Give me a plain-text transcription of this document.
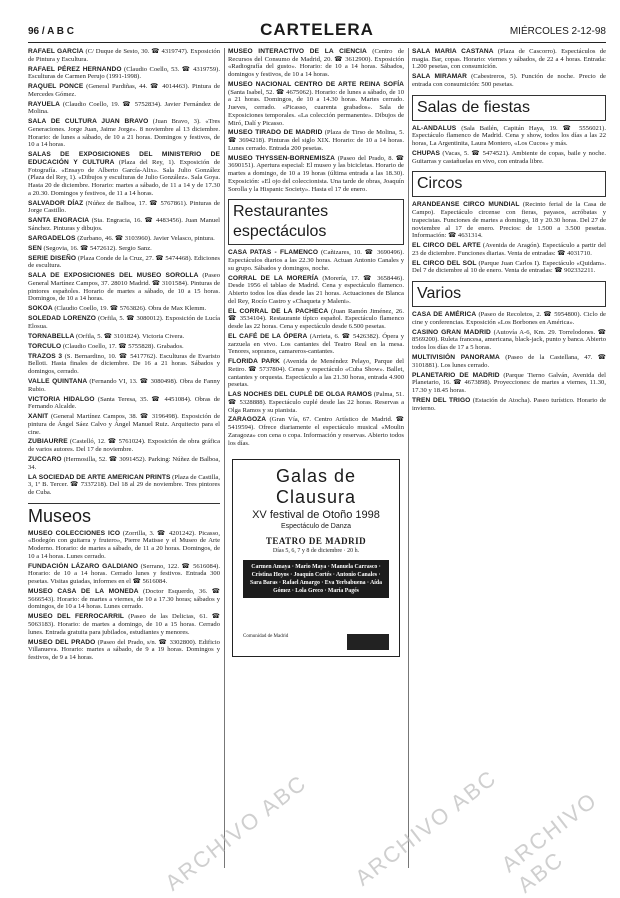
96 / A B C	CARTELERA	MIÉRCOLES 2-12-98

RAFAEL GARCÍA (C/ Duque de Sesto, 30. ☎ 4319747). Exposición de Pintura y Escultura.

RAFAEL PÉREZ HERNANDO (Claudio Coello, 53. ☎ 4319759). Esculturas de Carmen Perujo (1991-1998).

RAQUEL PONCE (General Pardiñas, 44. ☎ 4014463). Pintura de Mercedes Gómez.

RAYUELA (Claudio Coello, 19. ☎ 5752834). Javier Fernández de Molina.

SALA DE CULTURA JUAN BRAVO (Juan Bravo, 3). «Tres Generaciones. Jorge Juan, Jaime Jorge». 8 noviembre al 13 diciembre. Horario: de lunes a sábado, de 10 a 21 horas. Domingos y festivos, de 10 a 14 horas.

SALAS DE EXPOSICIONES DEL MINISTERIO DE EDUCACIÓN Y CULTURA (Plaza del Rey, 1). Exposición de Fotografía. «Ensayo de Alberto García-Alix». Sala Julio González (Plaza del Rey, 1). «Dibujos y esculturas de Julio González». Sala Goya. Hasta 20 de diciembre. Horario: martes a sábado, de 11 a 14 y de 17.30 a 20.30. Domingos y festivos, de 11 a 14 horas.

SALVADOR DÍAZ (Núñez de Balboa, 17. ☎ 5767861). Pinturas de Jorge Castillo.

SANTA ENGRACIA (Sta. Engracia, 16. ☎ 4483456). Juan Manuel Sánchez. Pinturas y dibujos.

SARGADELOS (Zurbano, 46. ☎ 3103960). Javier Velasco, pintura.

SEN (Segovia, 16. ☎ 5472612). Sergio Sanz.

SERIE DISEÑO (Plaza Conde de la Cruz, 27. ☎ 5474468). Ediciones de escultura.

SALA DE EXPOSICIONES DEL MUSEO SOROLLA (Paseo General Martínez Campos, 37. 28010 Madrid. ☎ 3101584). Pinturas de pintores españoles. Horario de martes a sábado, de 10 a 15 horas. Domingos, de 10 a 14 horas.

SOKOA (Claudio Coello, 19. ☎ 5763826). Obra de Max Klemm.

SOLEDAD LORENZO (Orfila, 5. ☎ 3080012). Exposición de Lucía Elosua.

TORNABELLA (Orfila, 5. ☎ 3101824). Victoria Civera.

TORCULO (Claudio Coello, 17. ☎ 5755828). Grabados.

TRAZOS 3 (S. Bernardino, 10. ☎ 5417762). Esculturas de Evaristo Belloti. Hasta finales de diciembre. De 16 a 21 horas. Sábados y domingos, cerrado.

VALLE QUINTANA (Fernando VI, 13. ☎ 3080498). Obra de Fanny Rubio.

VICTORIA HIDALGO (Santa Teresa, 35. ☎ 4451084). Obras de Fernando Alcalde.

XANIT (General Martínez Campos, 38. ☎ 3196498). Exposición de pintura de Ángel Sáez Calvo y Ángel Manuel Ruiz. Arquitecto para el cine.

ZUBIAURRE (Castelló, 12. ☎ 5761024). Exposición de obra gráfica de varios autores. Del 17 de noviembre.

ZUCCARO (Hermosilla, 52. ☎ 3091452). Parking: Núñez de Balboa, 34.

LA SOCIEDAD DE ARTE AMERICAN PRINTS (Plaza de Castilla, 3, 1ª B. Tercer. ☎ 7337218). Del 18 al 29 de noviembre. Tres pintores de Cuba.

Museos

MUSEO COLECCIONES ICO (Zorrilla, 3. ☎ 4201242). Picasso, «Bodegón con guitarra y frutero», Pierre Matisse y el Museo de Arte Moderno. Horario: de martes a sábado, de 11 a 20 horas. Domingos, de 10 a 14 horas. Lunes cerrado.

FUNDACIÓN LÁZARO GALDIANO (Serrano, 122. ☎ 5616084). Horario: de 10 a 14 horas. Cerrado lunes y festivos. Entrada 300 pesetas. Visitas guiadas, informes en el ☎ 5616084.

MUSEO CASA DE LA MONEDA (Doctor Esquerdo, 36. ☎ 5666543). Horario: de martes a viernes, de 10 a 17.30 horas; sábados y domingos, de 10 a 14 horas. Lunes cerrado.

MUSEO DEL FERROCARRIL (Paseo de las Delicias, 61. ☎ 5063183). Horario: de martes a domingo, de 10 a 15 horas. Cerrado lunes. Entrada gratuita para jubilados, estudiantes y menores.

MUSEO DEL PRADO (Paseo del Prado, s/n. ☎ 3302800). Edificio Villanueva. Horario: martes a sábado, de 9 a 19 horas. Domingos y festivos, de 9 a 14 horas.

MUSEO INTERACTIVO DE LA CIENCIA (Centro de Recursos del Consumo de Madrid, 20. ☎ 3612900). Exposición «Radiografía del gusto». Horario: de 10 a 14 horas. Sábados, domingos y festivos, de 10 a 14 horas.

MUSEO NACIONAL CENTRO DE ARTE REINA SOFÍA (Santa Isabel, 52. ☎ 4675062). Horario: de lunes a sábado, de 10 a 21 horas. Domingos, de 10 a 14.30 horas. Martes cerrado. Jueves, cerrado. «Picasso, cuarenta grabados». Sala de Exposiciones temporales. «La colección permanente». Dibujos de Miró, Dalí y Picasso.

MUSEO TIRADO DE MADRID (Plaza de Tirso de Molina, 5. ☎ 3694218). Pinturas del siglo XIX. Horario: de 10 a 14 horas. Lunes cerrado. Entrada 200 pesetas.

MUSEO THYSSEN-BORNEMISZA (Paseo del Prado, 8. ☎ 3690151). Apertura especial: El museo y las bicicletas. Horario de martes a domingo, de 10 a 19 horas (última entrada a las 18.30). Exposición: «El ojo del coleccionista. Una tarde de obras, Joaquín Sorolla y la Hispanic Society». Hasta el 17 de enero.

Restaurantes espectáculos

CASA PATAS - FLAMENCO (Cañizares, 10. ☎ 3690496). Espectáculos diarios a las 22.30 horas. Actuan Antonio Canales y su grupo. Sábados y domingos, noche.

CORRAL DE LA MORERÍA (Morería, 17. ☎ 3658446). Desde 1956 el tablao de Madrid. Cena y espectáculo flamenco. Abierto todos los días desde las 21 horas. Actuaciones de Blanca del Rey, Rocío Castro y «Chaqueta y Maleni».

EL CORRAL DE LA PACHECA (Juan Ramón Jiménez, 26. ☎ 3534104). Restaurante típico español. Espectáculo flamenco desde las 22 horas. Cena y espectáculo desde 6.500 pesetas.

EL CAFÉ DE LA ÓPERA (Arrieta, 6. ☎ 5426382). Ópera y zarzuela en vivo. Los cantantes del Teatro Real en la mesa. Tenores, sopranos, camareros-cantantes.

FLORIDA PARK (Avenida de Menéndez Pelayo, Parque del Retiro. ☎ 5737804). Cenas y espectáculo «Cuba Show». Ballet, cantantes y orquesta. Espectáculo a las 21.30 horas, entrada 4.900 pesetas.

LAS NOCHES DEL CUPLÉ DE OLGA RAMOS (Palma, 51. ☎ 5328888). Espectáculo cuplé desde las 22 horas. Reservas a Olga Ramos y su pianista.

ZARAGOZA (Gran Vía, 67. Centro Artístico de Madrid. ☎ 5419594). Ofrece diariamente el espectáculo musical «Moulin Zaragoza» con cena o copa. Información y reservas. Abierto todos los días.

Galas de Clausura
XV festival de Otoño 1998
Espectáculo de Danza
TEATRO DE MADRID
Días 5, 6, 7 y 8 de diciembre · 20 h.
Carmen Amaya · Mario Maya · Manuela Carrasco · Cristina Hoyos · Joaquín Cortés · Antonio Canales · Sara Baras · Rafael Amargo · Eva Yerbabuena · Aída Gómez · Lola Greco · María Pagés
Comunidad de Madrid

SALA MARÍA CASTAÑA (Plaza de Cascorro). Espectáculos de magia. Bar, copas. Horario: viernes y sábados, de 22 a 4 horas. Entrada: 1.200 pesetas, con consumición.

SALA MIRAMAR (Cabestreros, 5). Función de noche. Precio de entrada con consumición: 500 pesetas.

Salas de fiestas

AL-ANDALUS (Sala Bailén, Capitán Haya, 19. ☎ 5556021). Espectáculo flamenco de Madrid. Cena y show, todos los días a las 22 horas, La Argentinita, Laura Montero, «Los Cucos» y más.

CHUPAS (Vacas, 5. ☎ 5474521). Ambiente de copas, baile y noche. Guitarras y castañuelas en vivo, con entrada libre.

Circos

ARANDEANSE CIRCO MUNDIAL (Recinto ferial de la Casa de Campo). Espectáculo circense con fieras, payasos, acróbatas y trapecistas. Funciones de martes a domingo, 18 y 20.30 horas. Del 27 de noviembre al 17 de enero. Precios: de 1.500 a 3.500 pesetas. Información: ☎ 4631314.

EL CIRCO DEL ARTE (Avenida de Aragón). Espectáculo a partir del 23 de diciembre. Funciones diarias. Venta de entradas: ☎ 4031710.

EL CIRCO DEL SOL (Parque Juan Carlos I). Espectáculo «Quidam». Del 7 de diciembre al 10 de enero. Venta de entradas: ☎ 902332211.

Varios

CASA DE AMÉRICA (Paseo de Recoletos, 2. ☎ 5954800). Ciclo de cine y conferencias. Exposición «Los Borbones en América».

CASINO GRAN MADRID (Autovía A-6, Km. 29. Torrelodones. ☎ 8569200). Ruleta francesa, americana, black-jack, punto y banca. Abierto todos los días de 17 a 5 horas.

MULTIVISIÓN PANORAMA (Paseo de la Castellana, 47. ☎ 3101881). Los lunes cerrado.

PLANETARIO DE MADRID (Parque Tierno Galván, Avenida del Planetario, 16. ☎ 4673898). Proyecciones: de martes a viernes, 11.30, 17.30 y 18.45 horas.

TREN DEL TRIGO (Estación de Atocha). Paseo turístico. Horario de invierno.

ARCHIVO ABC ARCHIVO ABC
ARCHIVO ABC
